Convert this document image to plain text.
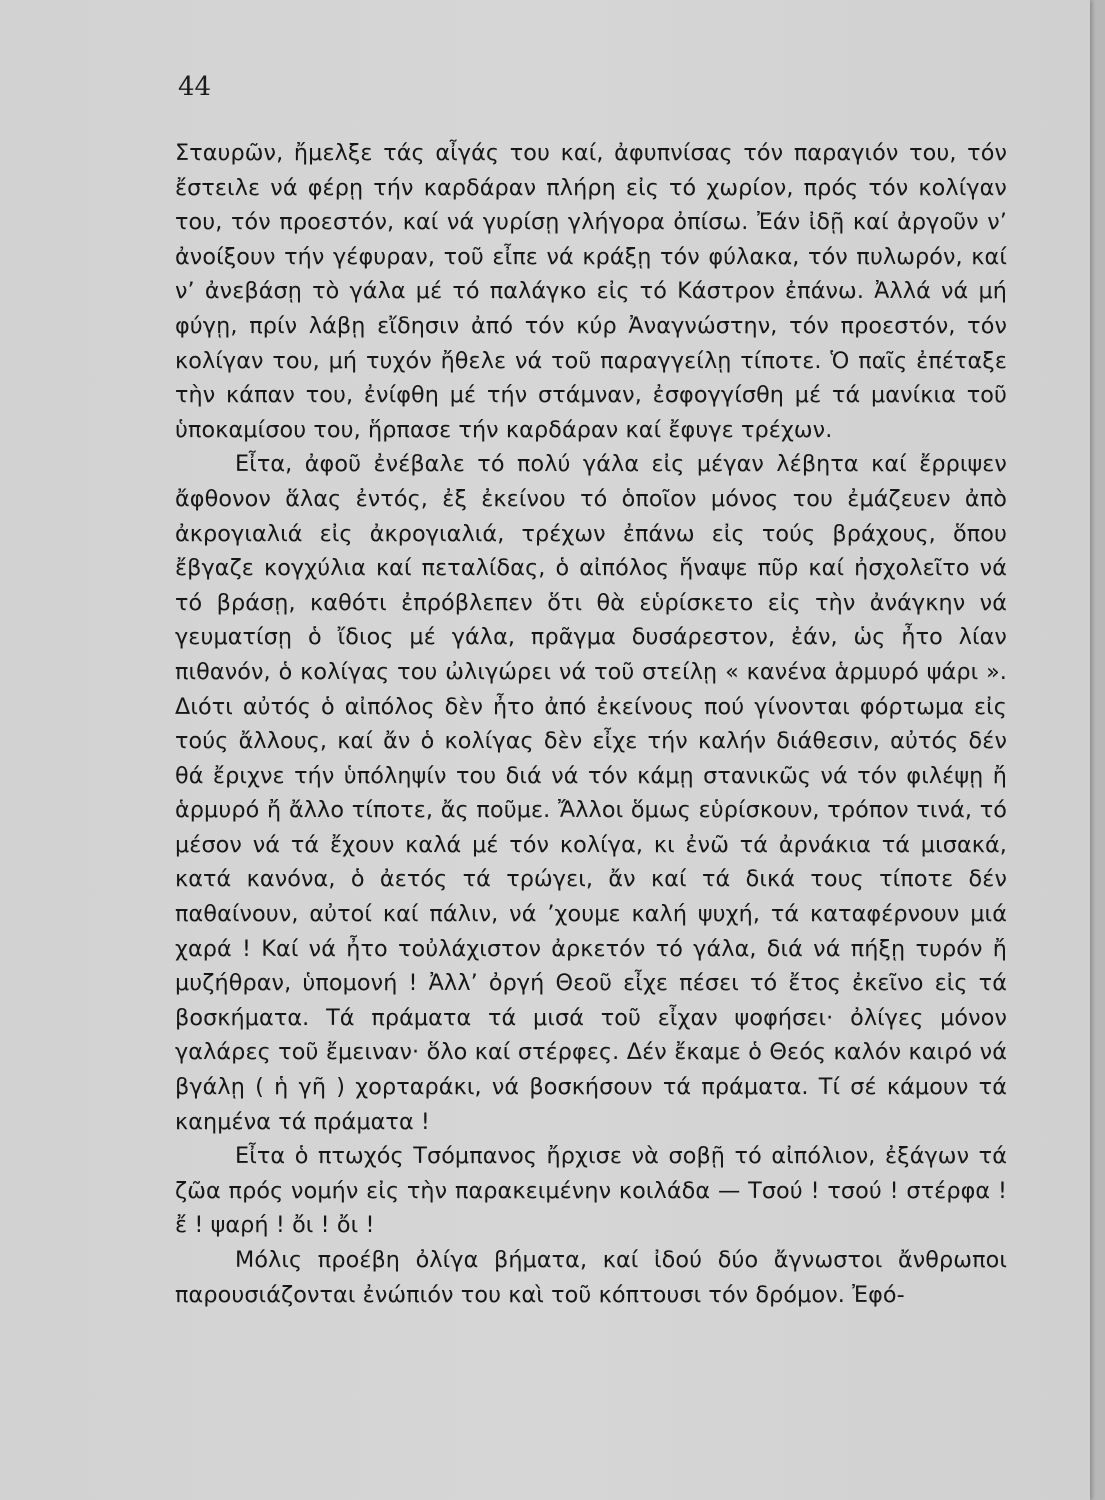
44

Σταυρῶν, ἤμελξε τάς αἶγάς του καί, ἀφυπνίσας τόν παραγιόν του, τόν ἔστειλε νά φέρῃ τήν καρδάραν πλήρη εἰς τό χωρίον, πρός τόν κολίγαν του, τόν προεστόν, καί νά γυρίσῃ γλήγορα ὀπίσω. Ἐάν ἰδῇ καί ἀργοῦν ν’ ἀνοίξουν τήν γέφυραν, τοῦ εἶπε νά κράξῃ τόν φύλακα, τόν πυλωρόν, καί ν’ ἀνεβάσῃ τὸ γάλα μέ τό παλάγκο εἰς τό Κάστρον ἐπάνω. Ἀλλά νά μή φύγῃ, πρίν λάβῃ εἴδησιν ἀπό τόν κύρ Ἀναγνώστην, τόν προεστόν, τόν κολίγαν του, μή τυχόν ἤθελε νά τοῦ παραγγείλῃ τίποτε. Ὁ παῖς ἐπέταξε τὴν κάπαν του, ἐνίφθη μέ τήν στάμναν, ἐσφογγίσθη μέ τά μανίκια τοῦ ὑποκαμίσου του, ἥρπασε τήν καρδάραν καί ἔφυγε τρέχων.

Εἶτα, ἀφοῦ ἐνέβαλε τό πολύ γάλα εἰς μέγαν λέβητα καί ἔρριψεν ἄφθονον ἅλας ἐντός, ἐξ ἐκείνου τό ὁποῖον μόνος του ἐμάζευεν ἀπὸ ἀκρογιαλιά εἰς ἀκρογιαλιά, τρέχων ἐπάνω εἰς τούς βράχους, ὅπου ἔβγαζε κογχύλια καί πεταλίδας, ὁ αἰπόλος ἥναψε πῦρ καί ἠσχολεῖτο νά τό βράσῃ, καθότι ἐπρόβλεπεν ὅτι θὰ εὑρίσκετο εἰς τὴν ἀνάγκην νά γευματίσῃ ὁ ἴδιος μέ γάλα, πρᾶγμα δυσάρεστον, ἐάν, ὡς ἦτο λίαν πιθανόν, ὁ κολίγας του ὠλιγώρει νά τοῦ στείλῃ « κανένα ἁρμυρό ψάρι ». Διότι αὐτός ὁ αἰπόλος δὲν ἦτο ἀπό ἐκείνους πού γίνονται φόρτωμα εἰς τούς ἄλλους, καί ἄν ὁ κολίγας δὲν εἶχε τήν καλήν διάθεσιν, αὐτός δέν θά ἔριχνε τήν ὑπόληψίν του διά νά τόν κάμῃ στανικῶς νά τόν φιλέψῃ ἤ ἁρμυρό ἤ ἄλλο τίποτε, ἄς ποῦμε. Ἄλλοι ὅμως εὑρίσκουν, τρόπον τινά, τό μέσον νά τά ἔχουν καλά μέ τόν κολίγα, κι ἐνῶ τά ἀρνάκια τά μισακά, κατά κανόνα, ὁ ἀετός τά τρώγει, ἄν καί τά δικά τους τίποτε δέν παθαίνουν, αὐτοί καί πάλιν, νά ’χουμε καλή ψυχή, τά καταφέρνουν μιά χαρά ! Καί νά ἦτο τοὐλάχιστον ἀρκετόν τό γάλα, διά νά πήξῃ τυρόν ἤ μυζήθραν, ὑπομονή ! Ἀλλ’ ὀργή Θεοῦ εἶχε πέσει τό ἔτος ἐκεῖνο εἰς τά βοσκήματα. Τά πράματα τά μισά τοῦ εἶχαν ψοφήσει· ὀλίγες μόνον γαλάρες τοῦ ἔμειναν· ὅλο καί στέρφες. Δέν ἔκαμε ὁ Θεός καλόν καιρό νά βγάλῃ ( ἡ γῆ ) χορταράκι, νά βοσκήσουν τά πράματα. Τί σέ κάμουν τά καημένα τά πράματα !

Εἶτα ὁ πτωχός Τσόμπανος ἤρχισε νὰ σοβῇ τό αἰπόλιον, ἐξάγων τά ζῶα πρός νομήν εἰς τὴν παρακειμένην κοιλάδα — Τσού ! τσού ! στέρφα ! ἔ ! ψαρή ! ὄι ! ὄι !

Μόλις προέβη ὀλίγα βήματα, καί ἰδού δύο ἄγνωστοι ἄνθρωποι παρουσιάζονται ἐνώπιόν του καὶ τοῦ κόπτουσι τόν δρόμον. Ἐφό-
